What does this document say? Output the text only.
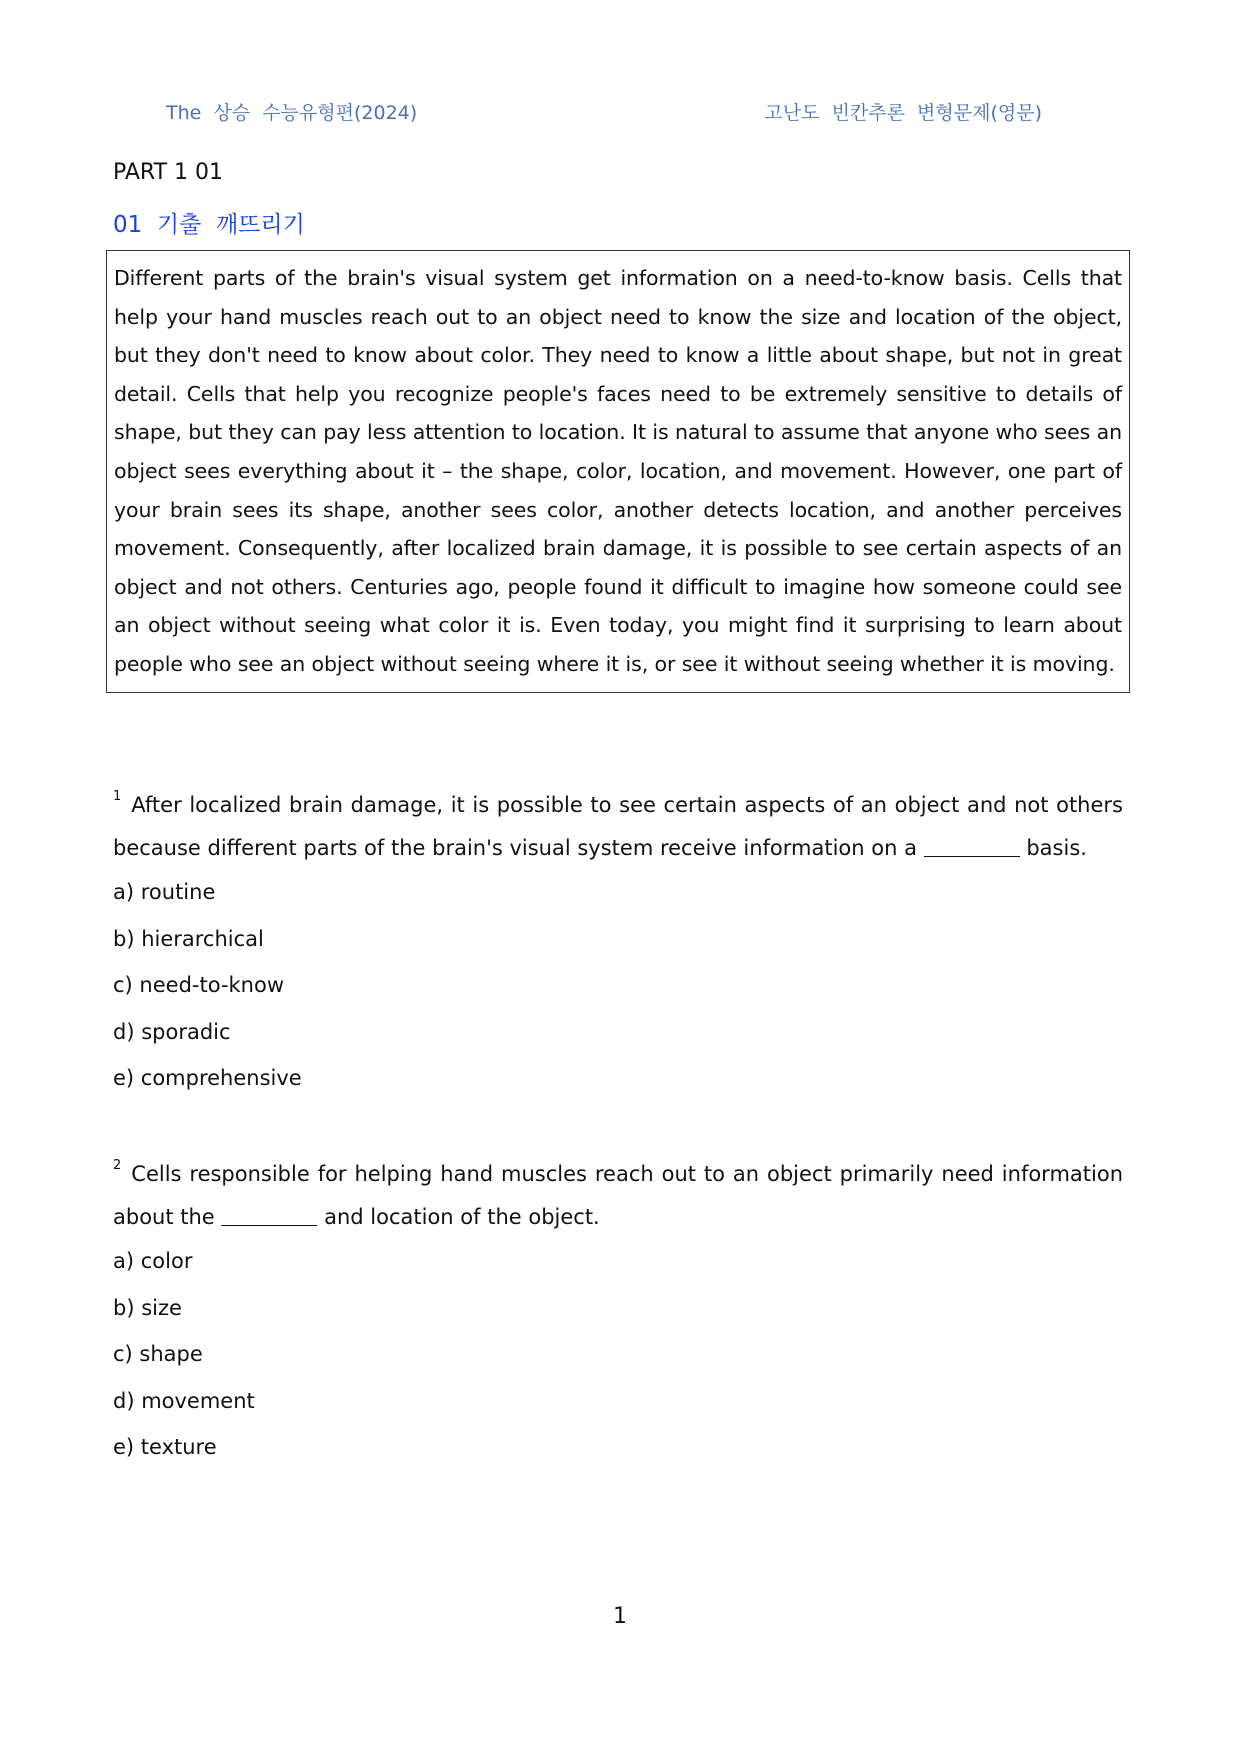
The  상승  수능유형편(2024)	고난도  빈칸추론  변형문제(영문)
PART 1 01
01  기출  깨뜨리기

Different parts of the brain's visual system get information on a need-to-know basis. Cells that help your hand muscles reach out to an object need to know the size and location of the object, but they don't need to know about color. They need to know a little about shape, but not in great detail. Cells that help you recognize people's faces need to be extremely sensitive to details of shape, but they can pay less attention to location. It is natural to assume that anyone who sees an object sees everything about it – the shape, color, location, and movement. However, one part of your brain sees its shape, another sees color, another detects location, and another perceives movement. Consequently, after localized brain damage, it is possible to see certain aspects of an object and not others. Centuries ago, people found it difficult to imagine how someone could see an object without seeing what color it is. Even today, you might find it surprising to learn about people who see an object without seeing where it is, or see it without seeing whether it is moving.

$^1$ After localized brain damage, it is possible to see certain aspects of an object and not others because different parts of the brain's visual system receive information on a	basis.

a) routine
b) hierarchical
c) need-to-know
d) sporadic
e) comprehensive

$^2$ Cells responsible for helping hand muscles reach out to an object primarily need information about the	and location of the object.

a) color
b) size
c) shape
d) movement
e) texture
1
